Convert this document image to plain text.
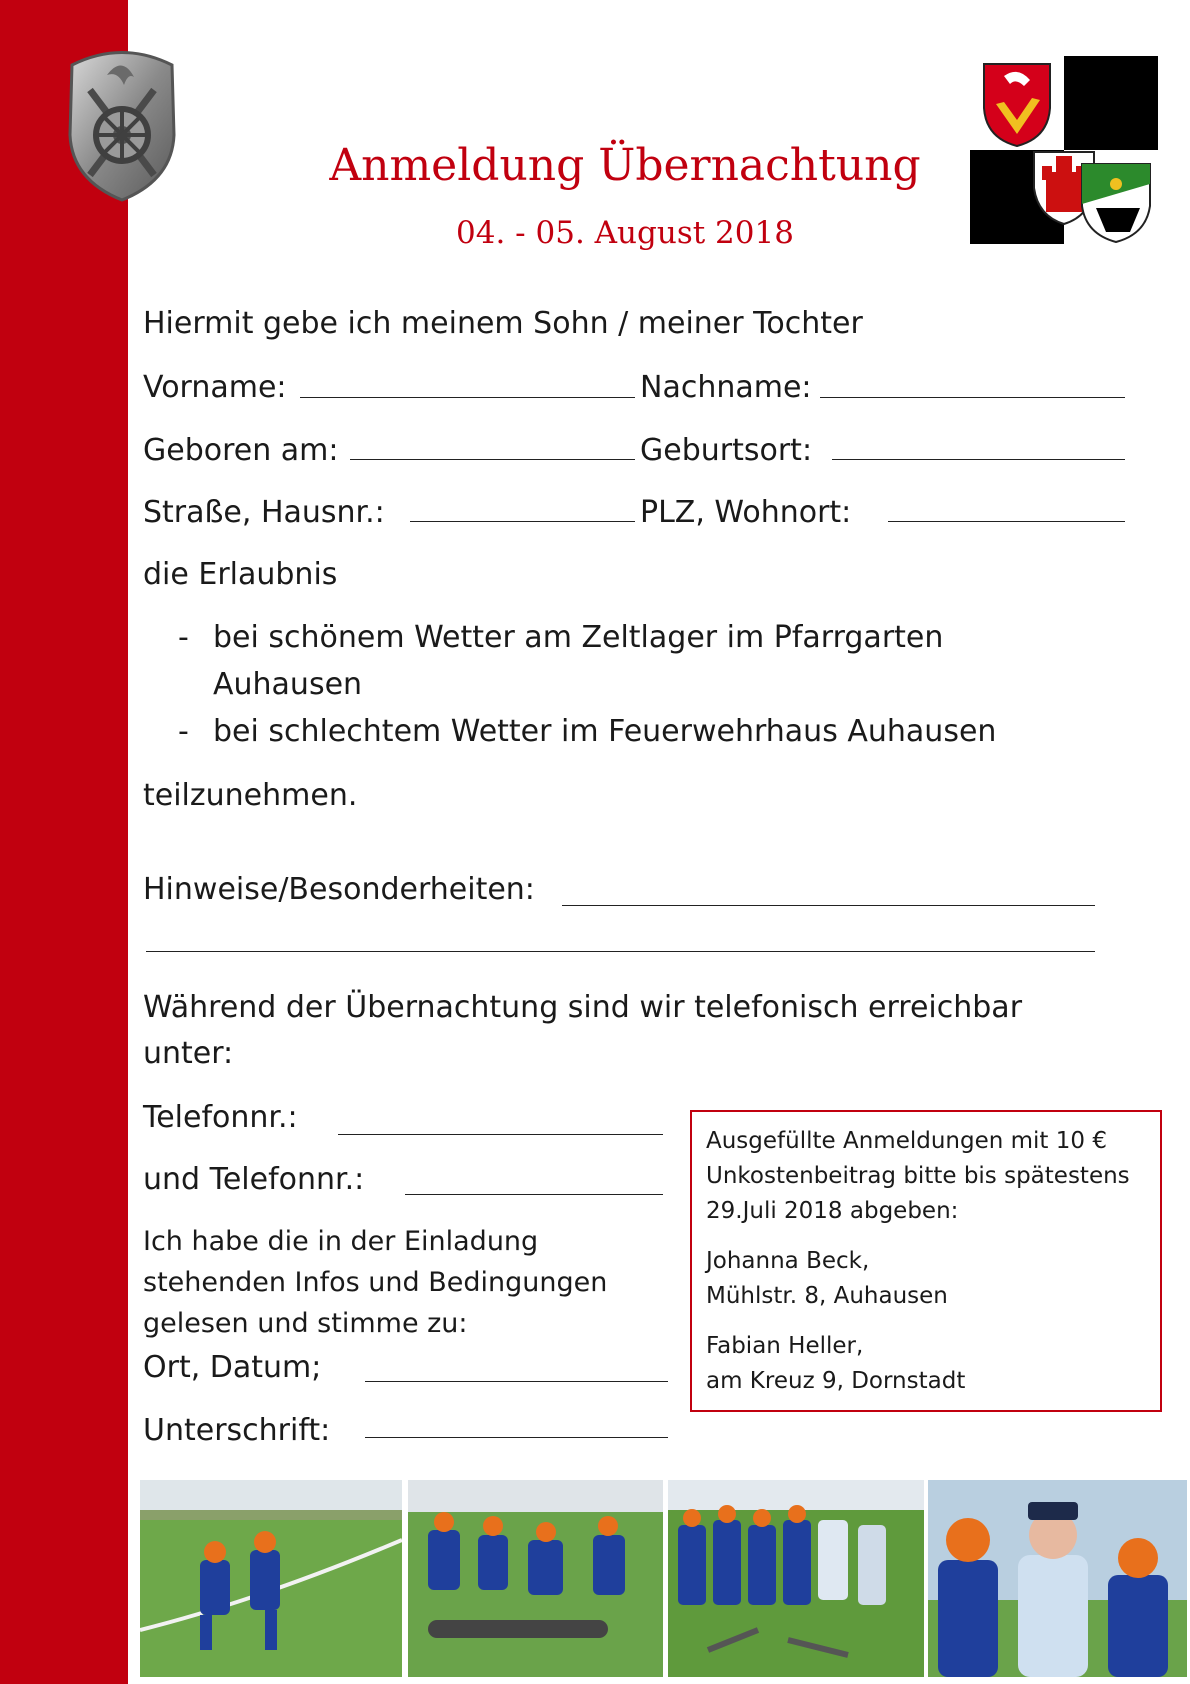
Anmeldung Übernachtung
04. - 05. August 2018
Hiermit gebe ich meinem Sohn / meiner Tochter
Vorname:	Nachname:
Geboren am:	Geburtsort:
Straße, Hausnr.:	PLZ, Wohnort:
die Erlaubnis
- bei schönem Wetter am Zeltlager im Pfarrgarten
Auhausen
- bei schlechtem Wetter im Feuerwehrhaus Auhausen
teilzunehmen.
Hinweise/Besonderheiten:
Während der Übernachtung sind wir telefonisch erreichbar
unter:
Telefonnr.:
und Telefonnr.:
Ich habe die in der Einladung
stehenden Infos und Bedingungen
gelesen und stimme zu:
Ort, Datum;
Unterschrift:
Ausgefüllte Anmeldungen mit 10 €
Unkostenbeitrag bitte bis spätestens

29.Juli 2018 abgeben:

Johanna Beck,

Mühlstr. 8, Auhausen

Fabian Heller,
am Kreuz 9, Dornstadt
